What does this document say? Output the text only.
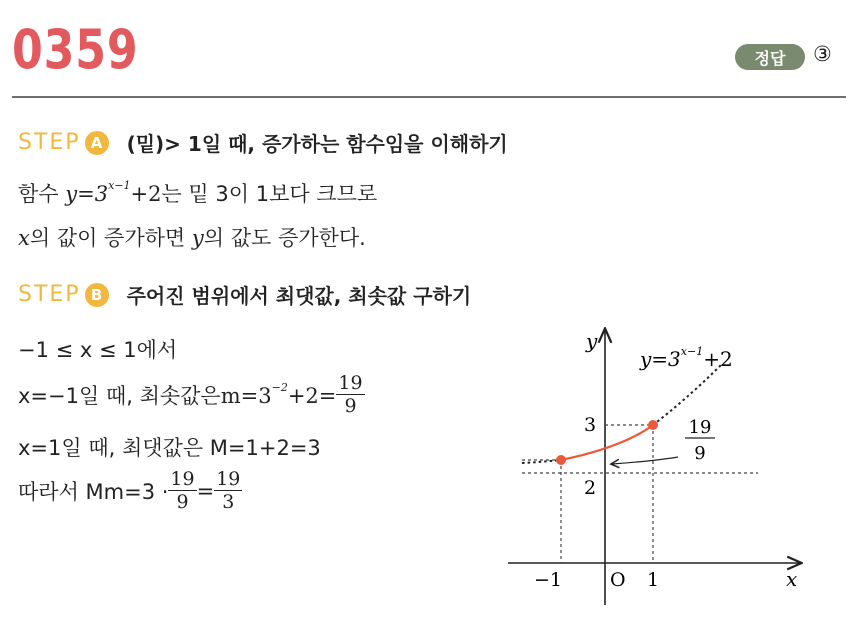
0359	정답	③
STEP A	(밑)> 1일 때, 증가하는 함수임을 이해하기
함수 $y=3^{x-1}+2$는 밑 3이 1보다 크므로
x의 값이 증가하면 y의 값도 증가한다.
STEP B	주어진 범위에서 최댓값, 최솟값 구하기
−1 ≤ x ≤ 1에서
x=−1일 때, 최솟값은 $m=3^{-2}+2= \frac{19}{9}$
x=1일 때, 최댓값은 M=1+2=3
따라서 $Mm=3 \cdot \frac{19}{9} = \frac{19}{3}$
y
x
O
−1	1
3
2
19
9
$y=3^{x-1}+2$
